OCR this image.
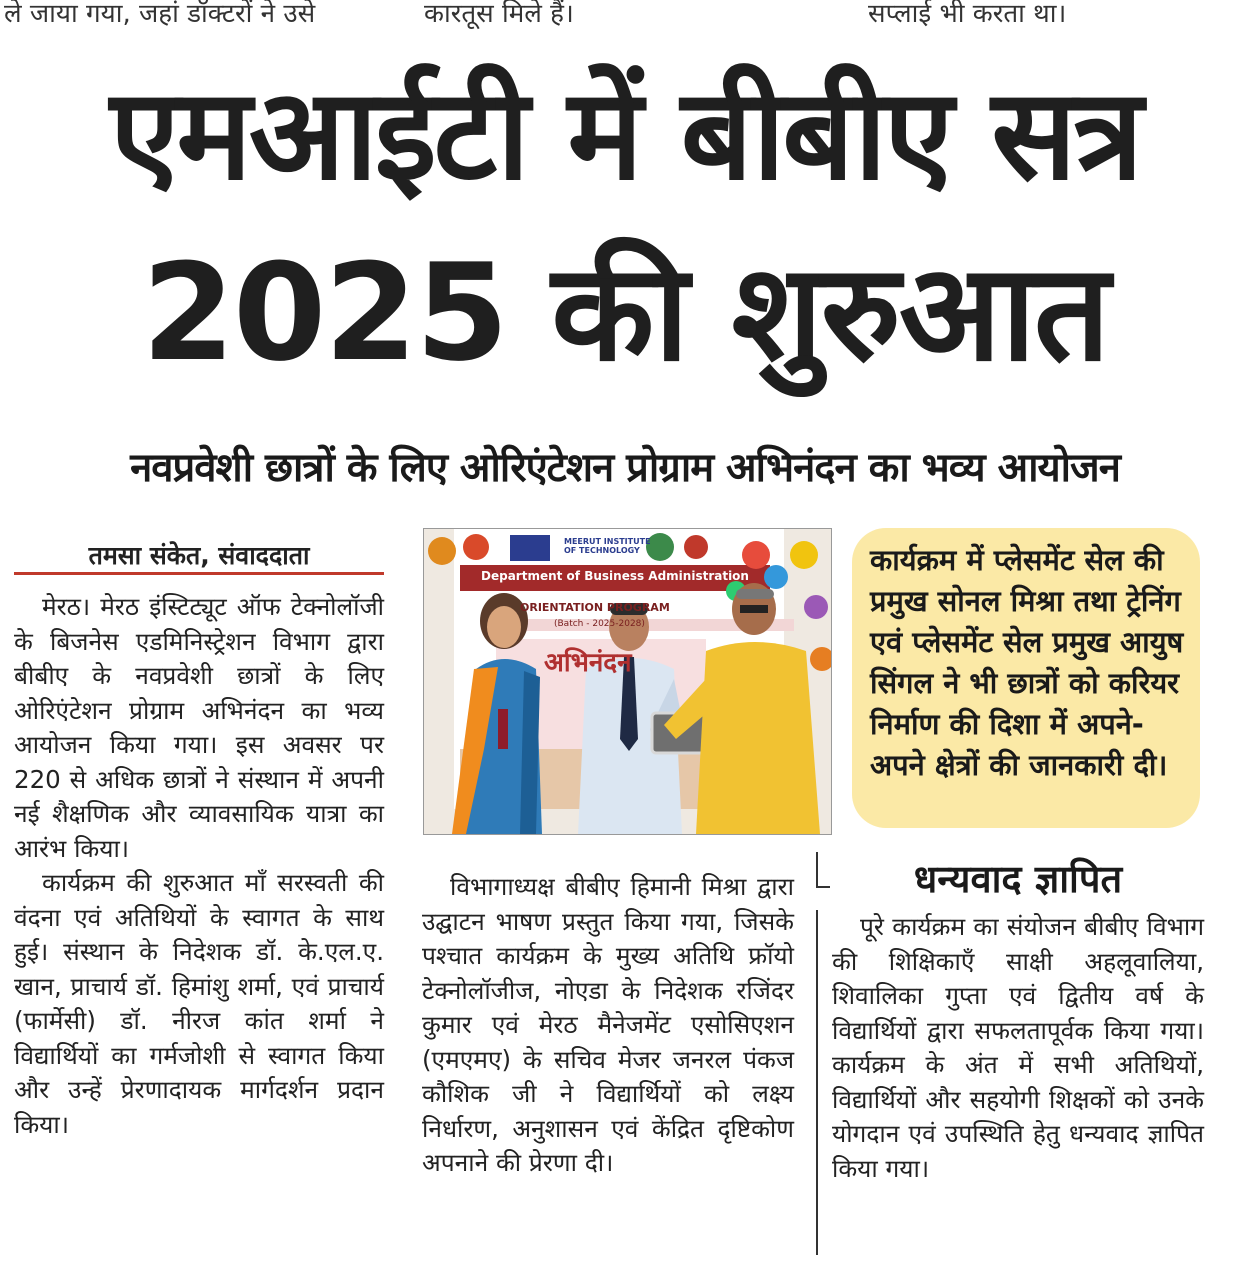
ले जाया गया, जहां डॉक्टरों ने उसे	कारतूस मिले हैं।	सप्लाई भी करता था।
एमआईटी में बीबीए सत्र
2025 की शुरुआत
नवप्रवेशी छात्रों के लिए ओरिएंटेशन प्रोग्राम अभिनंदन का भव्य आयोजन
तमसा संकेत, संवाददाता

मेरठ। मेरठ इंस्टिट्यूट ऑफ टेक्नोलॉजी के बिजनेस एडमिनिस्ट्रेशन विभाग द्वारा बीबीए के नवप्रवेशी छात्रों के लिए ओरिएंटेशन प्रोग्राम अभिनंदन का भव्य आयोजन किया गया। इस अवसर पर 220 से अधिक छात्रों ने संस्थान में अपनी नई शैक्षणिक और व्यावसायिक यात्रा का आरंभ किया।

कार्यक्रम की शुरुआत माँ सरस्वती की वंदना एवं अतिथियों के स्वागत के साथ हुई। संस्थान के निदेशक डॉ. के.एल.ए. खान, प्राचार्य डॉ. हिमांशु शर्मा, एवं प्राचार्य (फार्मेसी) डॉ. नीरज कांत शर्मा ने विद्यार्थियों का गर्मजोशी से स्वागत किया और उन्हें प्रेरणादायक मार्गदर्शन प्रदान किया।

Department of Business Administration
MEERUT INSTITUTE OF TECHNOLOGY
ORIENTATION PROGRAM
(Batch - 2025-2028)
अभिनंदन
कार्यक्रम में प्लेसमेंट सेल की प्रमुख सोनल मिश्रा तथा ट्रेनिंग एवं प्लेसमेंट सेल प्रमुख आयुष सिंगल ने भी छात्रों को करियर निर्माण की दिशा में अपने-अपने क्षेत्रों की जानकारी दी।

विभागाध्यक्ष बीबीए हिमानी मिश्रा द्वारा उद्घाटन भाषण प्रस्तुत किया गया, जिसके पश्चात कार्यक्रम के मुख्य अतिथि फ्रॉयो टेक्नोलॉजीज, नोएडा के निदेशक रजिंदर कुमार एवं मेरठ मैनेजमेंट एसोसिएशन (एमएमए) के सचिव मेजर जनरल पंकज कौशिक जी ने विद्यार्थियों को लक्ष्य निर्धारण, अनुशासन एवं केंद्रित दृष्टिकोण अपनाने की प्रेरणा दी।

धन्यवाद ज्ञापित

पूरे कार्यक्रम का संयोजन बीबीए विभाग की शिक्षिकाएँ साक्षी अहलूवालिया, शिवालिका गुप्ता एवं द्वितीय वर्ष के विद्यार्थियों द्वारा सफलतापूर्वक किया गया। कार्यक्रम के अंत में सभी अतिथियों, विद्यार्थियों और सहयोगी शिक्षकों को उनके योगदान एवं उपस्थिति हेतु धन्यवाद ज्ञापित किया गया।
